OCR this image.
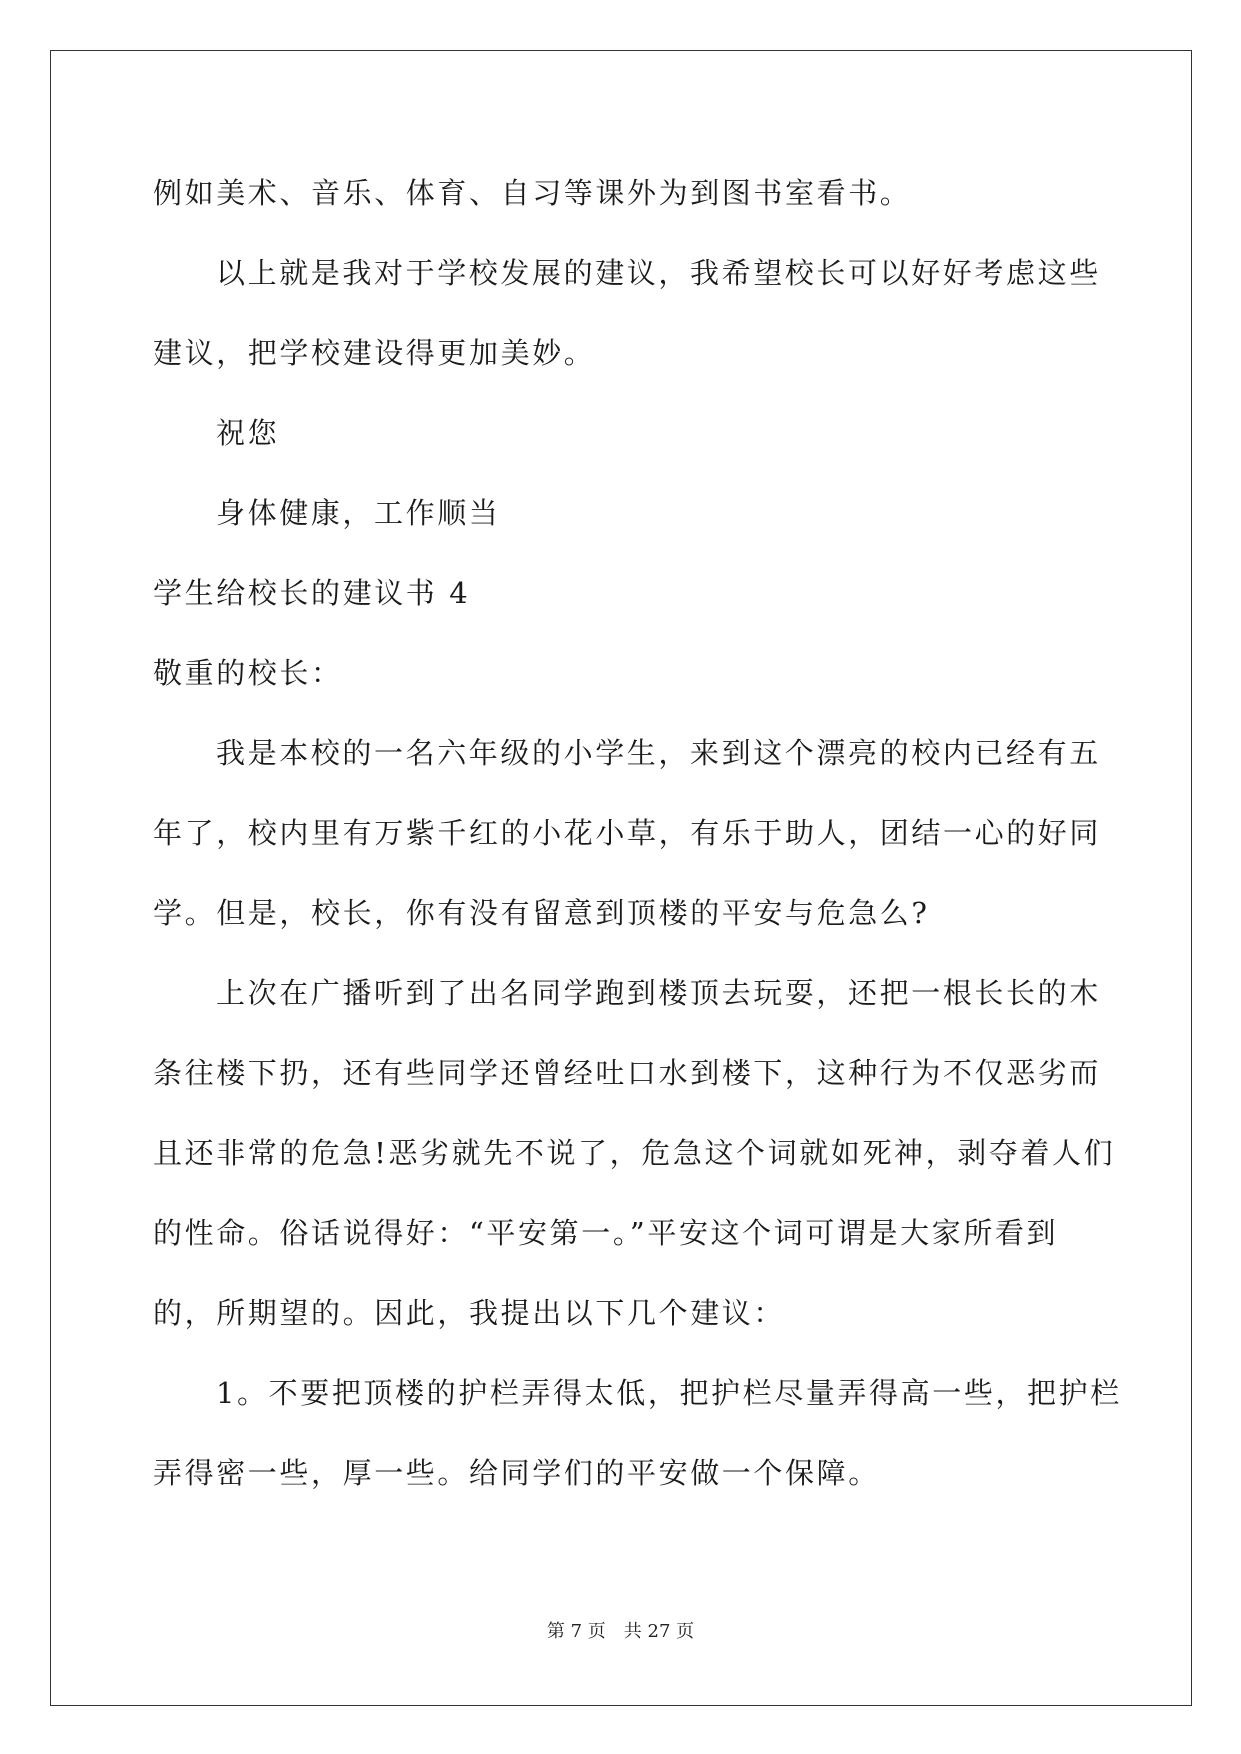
例如美术、音乐、体育、自习等课外为到图书室看书。
以上就是我对于学校发展的建议，我希望校长可以好好考虑这些
建议，把学校建设得更加美妙。
祝您
身体健康，工作顺当
学生给校长的建议书 4
敬重的校长：
我是本校的一名六年级的小学生，来到这个漂亮的校内已经有五
年了，校内里有万紫千红的小花小草，有乐于助人，团结一心的好同
学。但是，校长，你有没有留意到顶楼的平安与危急么?
上次在广播听到了出名同学跑到楼顶去玩耍，还把一根长长的木
条往楼下扔，还有些同学还曾经吐口水到楼下，这种行为不仅恶劣而
且还非常的危急!恶劣就先不说了，危急这个词就如死神，剥夺着人们
的性命。俗话说得好：“平安第一。”平安这个词可谓是大家所看到
的，所期望的。因此，我提出以下几个建议：
1。不要把顶楼的护栏弄得太低，把护栏尽量弄得高一些，把护栏
弄得密一些，厚一些。给同学们的平安做一个保障。
第 7 页 共 27 页
